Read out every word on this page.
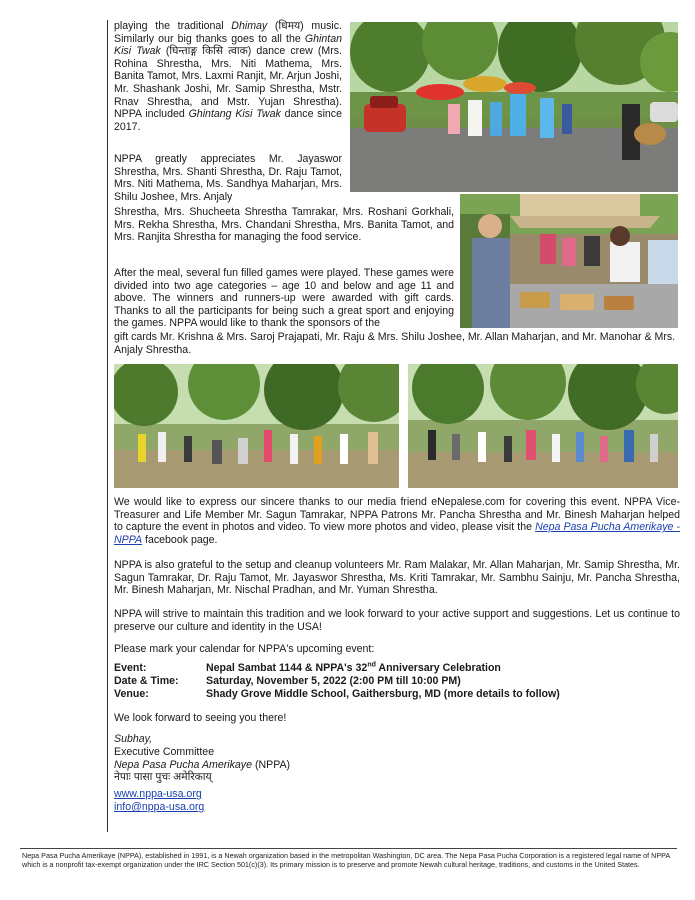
playing the traditional Dhimay (धिमय) music. Similarly our big thanks goes to all the Ghintan Kisi Twak (घिन्ताङ्ग किसि त्वाक) dance crew (Mrs. Rohina Shrestha, Mrs. Niti Mathema, Mrs. Banita Tamot, Mrs. Laxmi Ranjit, Mr. Arjun Joshi, Mr. Shashank Joshi, Mr. Samip Shrestha, Mstr. Rnav Shrestha, and Mstr. Yujan Shrestha). NPPA included Ghintang Kisi Twak dance since 2017.

NPPA greatly appreciates Mr. Jayaswor Shrestha, Mrs. Shanti Shrestha, Dr. Raju Tamot, Mrs. Niti Mathema, Ms. Sandhya Maharjan, Mrs. Shilu Joshee, Mrs. Anjaly

Shrestha, Mrs. Shucheeta Shrestha Tamrakar, Mrs. Roshani Gorkhali, Mrs. Rekha Shrestha, Mrs. Chandani Shrestha, Mrs. Banita Tamot, and Mrs. Ranjita Shrestha for managing the food service.

After the meal, several fun filled games were played. These games were divided into two age categories – age 10 and below and age 11 and above. The winners and runners-up were awarded with gift cards. Thanks to all the participants for being such a great sport and enjoying the games. NPPA would like to thank the sponsors of the

gift cards Mr. Krishna & Mrs. Saroj Prajapati, Mr. Raju & Mrs. Shilu Joshee, Mr. Allan Maharjan, and Mr. Manohar & Mrs. Anjaly Shrestha.

We would like to express our sincere thanks to our media friend eNepalese.com for covering this event. NPPA Vice-Treasurer and Life Member Mr. Sagun Tamrakar, NPPA Patrons Mr. Pancha Shrestha and Mr. Binesh Maharjan helped to capture the event in photos and video. To view more photos and video, please visit the Nepa Pasa Pucha Amerikaye - NPPA facebook page.

NPPA is also grateful to the setup and cleanup volunteers Mr. Ram Malakar, Mr. Allan Maharjan, Mr. Samip Shrestha, Mr. Sagun Tamrakar, Dr. Raju Tamot, Mr. Jayaswor Shrestha, Ms. Kriti Tamrakar, Mr. Sambhu Sainju, Mr. Pancha Shrestha, Mr. Binesh Maharjan, Mr. Nischal Pradhan, and Mr. Yuman Shrestha.

NPPA will strive to maintain this tradition and we look forward to your active support and suggestions. Let us continue to preserve our culture and identity in the USA!

Please mark your calendar for NPPA's upcoming event:

Event:	Nepal Sambat 1144 & NPPA's 32nd Anniversary Celebration
Date & Time:	Saturday, November 5, 2022 (2:00 PM till 10:00 PM)
Venue:	Shady Grove Middle School, Gaithersburg, MD (more details to follow)

We look forward to seeing you there!

Subhay,

Executive Committee

Nepa Pasa Pucha Amerikaye (NPPA)

नेपाः पासा पुचः अमेरिकाय्

www.nppa-usa.org

info@nppa-usa.org

Nepa Pasa Pucha Amerikaye (NPPA), established in 1991, is a Newah organization based in the metropolitan Washington, DC area. The Nepa Pasa Pucha Corporation is a registered legal name of NPPA which is a nonprofit tax-exempt organization under the IRC Section 501(c)(3). Its primary mission is to preserve and promote Newah cultural heritage, traditions, and customs in the United States.
